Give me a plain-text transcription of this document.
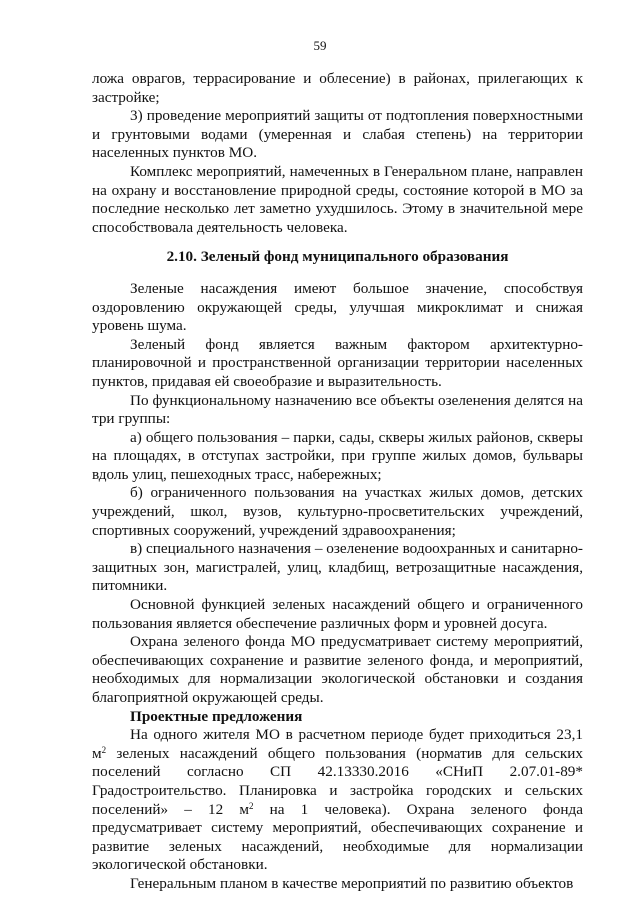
59

ложа оврагов, террасирование и облесение) в районах, прилегающих к застройке;

3) проведение мероприятий защиты от подтопления поверхностными и грунтовыми водами (умеренная и слабая степень) на территории населенных пунктов МО.

Комплекс мероприятий, намеченных в Генеральном плане, направлен на охрану и восстановление природной среды, состояние которой в МО за последние несколько лет заметно ухудшилось. Этому в значительной мере способствовала деятельность человека.

2.10. Зеленый фонд муниципального образования

Зеленые насаждения имеют большое значение, способствуя оздоровлению окружающей среды, улучшая микроклимат и снижая уровень шума.

Зеленый фонд является важным фактором архитектурно-планировочной и пространственной организации территории населенных пунктов, придавая ей своеобразие и выразительность.

По функциональному назначению все объекты озеленения делятся на три группы:

а) общего пользования – парки, сады, скверы жилых районов, скверы на площадях, в отступах застройки, при группе жилых домов, бульвары вдоль улиц, пешеходных трасс, набережных;

б) ограниченного пользования на участках жилых домов, детских учреждений, школ, вузов, культурно-просветительских учреждений, спортивных сооружений, учреждений здравоохранения;

в) специального назначения – озеленение водоохранных и санитарно-защитных зон, магистралей, улиц, кладбищ, ветрозащитные насаждения, питомники.

Основной функцией зеленых насаждений общего и ограниченного пользования является обеспечение различных форм и уровней досуга.

Охрана зеленого фонда МО предусматривает систему мероприятий, обеспечивающих сохранение и развитие зеленого фонда, и мероприятий, необходимых для нормализации экологической обстановки и создания благоприятной окружающей среды.

Проектные предложения

На одного жителя МО в расчетном периоде будет приходиться 23,1 $м^2$ зеленых насаждений общего пользования (норматив для сельских поселений согласно СП 42.13330.2016 «СНиП 2.07.01-89* Градостроительство. Планировка и застройка городских и сельских поселений» – 12 $м^2$ на 1 человека). Охрана зеленого фонда предусматривает систему мероприятий, обеспечивающих сохранение и развитие зеленых насаждений, необходимые для нормализации экологической обстановки.

Генеральным планом в качестве мероприятий по развитию объектов
